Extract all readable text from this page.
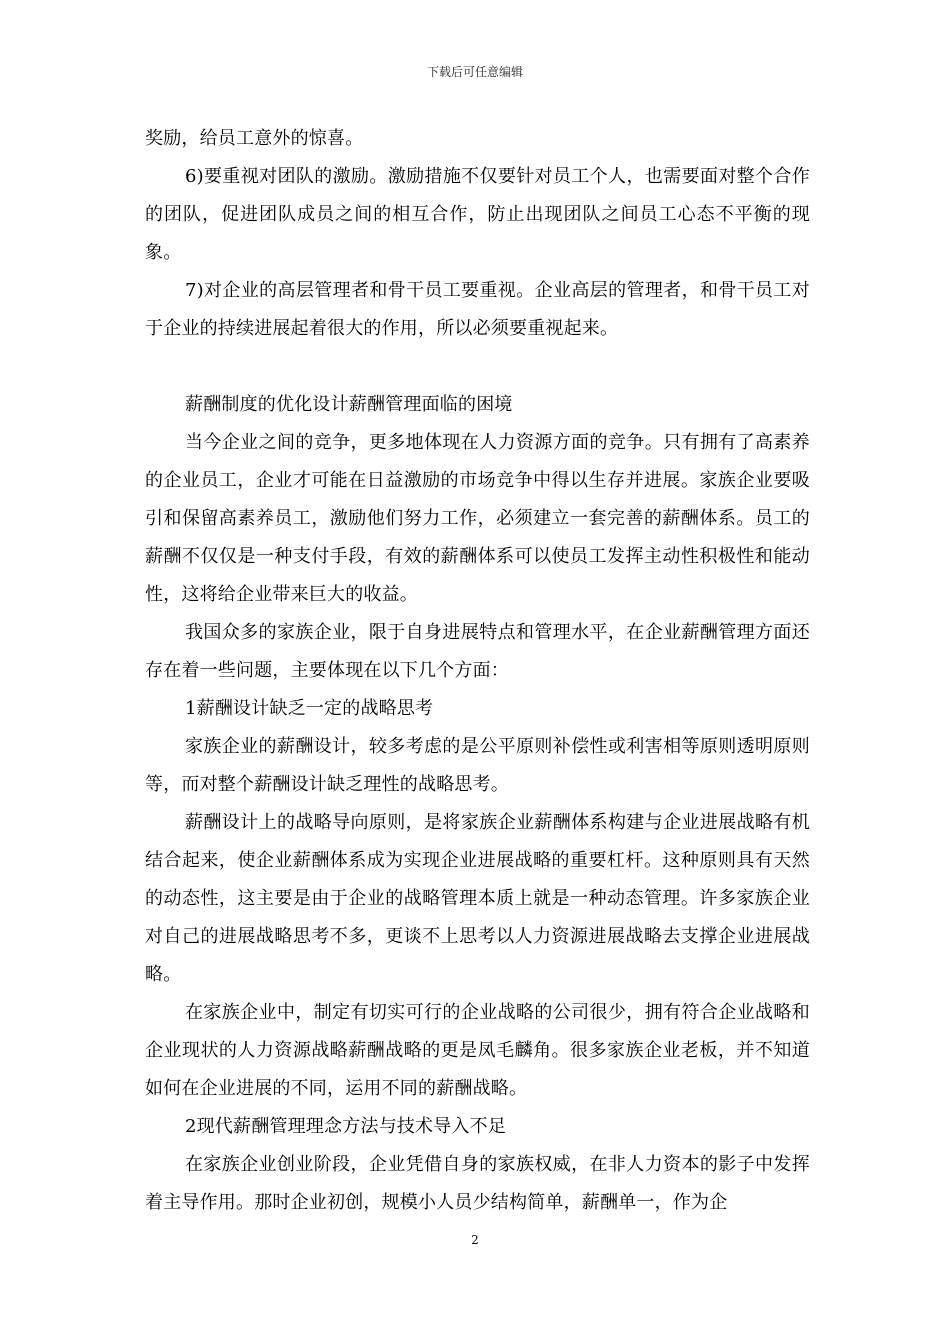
下载后可任意编辑

奖励，给员工意外的惊喜。

6)要重视对团队的激励。激励措施不仅要针对员工个人，也需要面对整个合作的团队，促进团队成员之间的相互合作，防止出现团队之间员工心态不平衡的现象。

7)对企业的高层管理者和骨干员工要重视。企业高层的管理者，和骨干员工对于企业的持续进展起着很大的作用，所以必须要重视起来。

薪酬制度的优化设计薪酬管理面临的困境

当今企业之间的竞争，更多地体现在人力资源方面的竞争。只有拥有了高素养的企业员工，企业才可能在日益激励的市场竞争中得以生存并进展。家族企业要吸引和保留高素养员工，激励他们努力工作，必须建立一套完善的薪酬体系。员工的薪酬不仅仅是一种支付手段，有效的薪酬体系可以使员工发挥主动性积极性和能动性，这将给企业带来巨大的收益。

我国众多的家族企业，限于自身进展特点和管理水平，在企业薪酬管理方面还存在着一些问题，主要体现在以下几个方面：

1薪酬设计缺乏一定的战略思考

家族企业的薪酬设计，较多考虑的是公平原则补偿性或利害相等原则透明原则等，而对整个薪酬设计缺乏理性的战略思考。

薪酬设计上的战略导向原则，是将家族企业薪酬体系构建与企业进展战略有机结合起来，使企业薪酬体系成为实现企业进展战略的重要杠杆。这种原则具有天然的动态性，这主要是由于企业的战略管理本质上就是一种动态管理。许多家族企业对自己的进展战略思考不多，更谈不上思考以人力资源进展战略去支撑企业进展战略。

在家族企业中，制定有切实可行的企业战略的公司很少，拥有符合企业战略和企业现状的人力资源战略薪酬战略的更是凤毛麟角。很多家族企业老板，并不知道如何在企业进展的不同，运用不同的薪酬战略。

2现代薪酬管理理念方法与技术导入不足

在家族企业创业阶段，企业凭借自身的家族权威，在非人力资本的影子中发挥着主导作用。那时企业初创，规模小人员少结构简单，薪酬单一，作为企

2
